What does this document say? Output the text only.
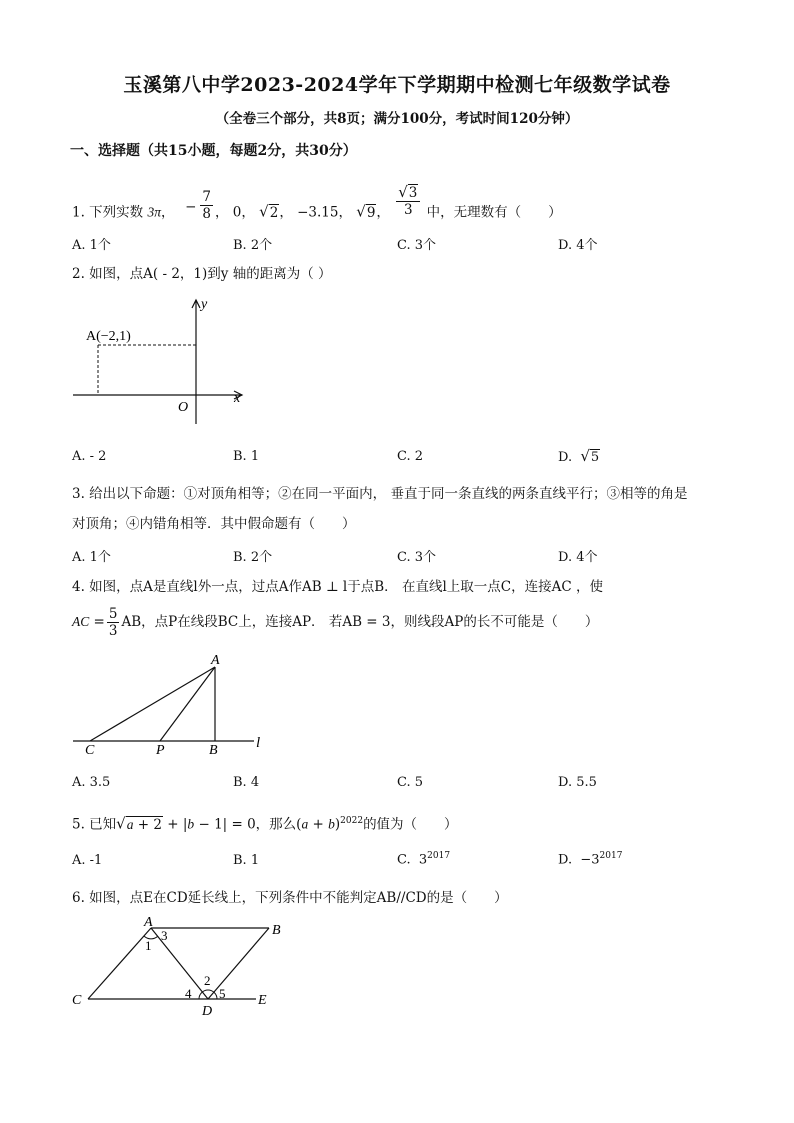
玉溪第八中学2023-2024学年下学期期中检测七年级数学试卷
（全卷三个部分，共8页；满分100分，考试时间120分钟）
一、选择题（共15小题，每题2分，共30分）
1. 下列实数 3π，  − $\frac{7}{8}$ ， 0， √2， −3.15， √9， $\frac{√3}{3}$ 中，无理数有（　　）
A. 1个	B. 2个	C. 3个	D. 4个
2. 如图，点A( - 2，1)到y 轴的距离为（ ）
A(−2,1)
x
y
O
A. - 2	B. 1	C. 2	D. √5
3. 给出以下命题：①对顶角相等；②在同一平面内， 垂直于同一条直线的两条直线平行；③相等的角是
对顶角；④内错角相等．其中假命题有（　　）
A. 1个	B. 2个	C. 3个	D. 4个
4. 如图，点A是直线l外一点，过点A作AB ⊥ l于点B． 在直线l上取一点C，连接AC ，使
AC = $\frac{5}{3}$ AB，点P在线段BC上，连接AP． 若AB = 3，则线段AP的长不可能是（　　）
A
C	P	B	l
A. 3.5	B. 4	C. 5	D. 5.5
5. 已知√a + 2 + |b − 1| = 0，那么$(a + b)^{2022}$的值为（　　）
A. -1	B. 1	C.  $3^{2017}$	D.  $-3^{2017}$
6. 如图，点E在CD延长线上，下列条件中不能判定AB//CD的是（　　）
A
B
C
D
E
1
2
3
4 5
